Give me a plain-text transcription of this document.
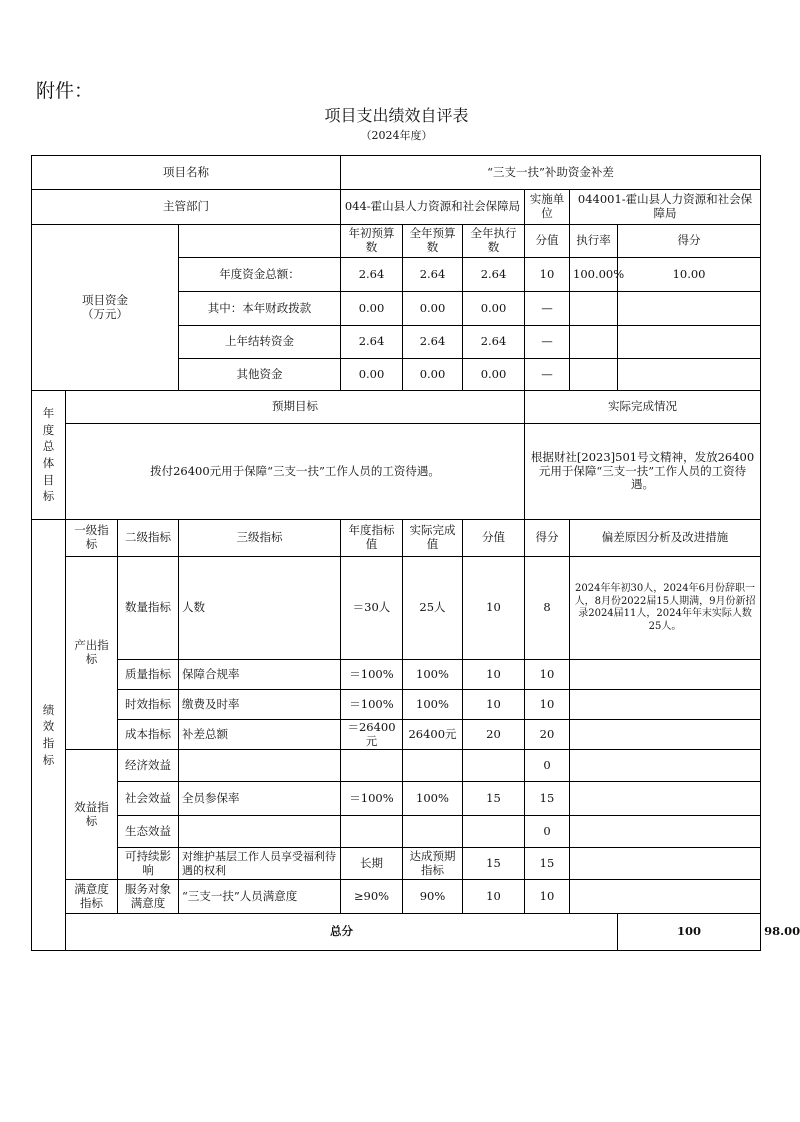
附件：
项目支出绩效自评表
（2024年度）
项目名称				“三支一扶”补助资金补差						
主管部门				044-霍山县人力资源和社会保障局			实施单位	044001-霍山县人力资源和社会保障局		

项目资金
（万元）				年初预算数	全年预算数	全年执行数	分值	执行率	得分	
			年度资金总额：	2.64	2.64	2.64	10	100.00%	10.00	
			其中：本年财政拨款	0.00	0.00	0.00	—			
			上年结转资金	2.64	2.64	2.64	—			
			其他资金	0.00	0.00	0.00	—			

年度总体目标	预期目标						实际完成情况			
	拨付26400元用于保障“三支一扶”工作人员的工资待遇。						根据财社[2023]501号文精神，发放26400元用于保障“三支一扶”工作人员的工资待遇。			

绩效指标	一级指标	二级指标	三级指标	年度指标值	实际完成值	分值	得分	偏差原因分析及改进措施		
	产出指标	数量指标	人数	＝30人	25人	10	8	2024年年初30人，2024年6月份辞职一人，8月份2022届15人期满，9月份新招录2024届11人，2024年年末实际人数25人。		
		质量指标	保障合规率	＝100%	100%	10	10			
		时效指标	缴费及时率	＝100%	100%	10	10			
		成本指标	补差总额	＝26400元	26400元	20	20			
	效益指标	经济效益					0			
		社会效益	全员参保率	＝100%	100%	15	15			
		生态效益					0			
		可持续影响	对维护基层工作人员享受福利待遇的权利	长期	达成预期指标	15	15			
	满意度指标	服务对象满意度	“三支一扶”人员满意度	≥90%	90%	10	10			
	总分								100	98.00	
